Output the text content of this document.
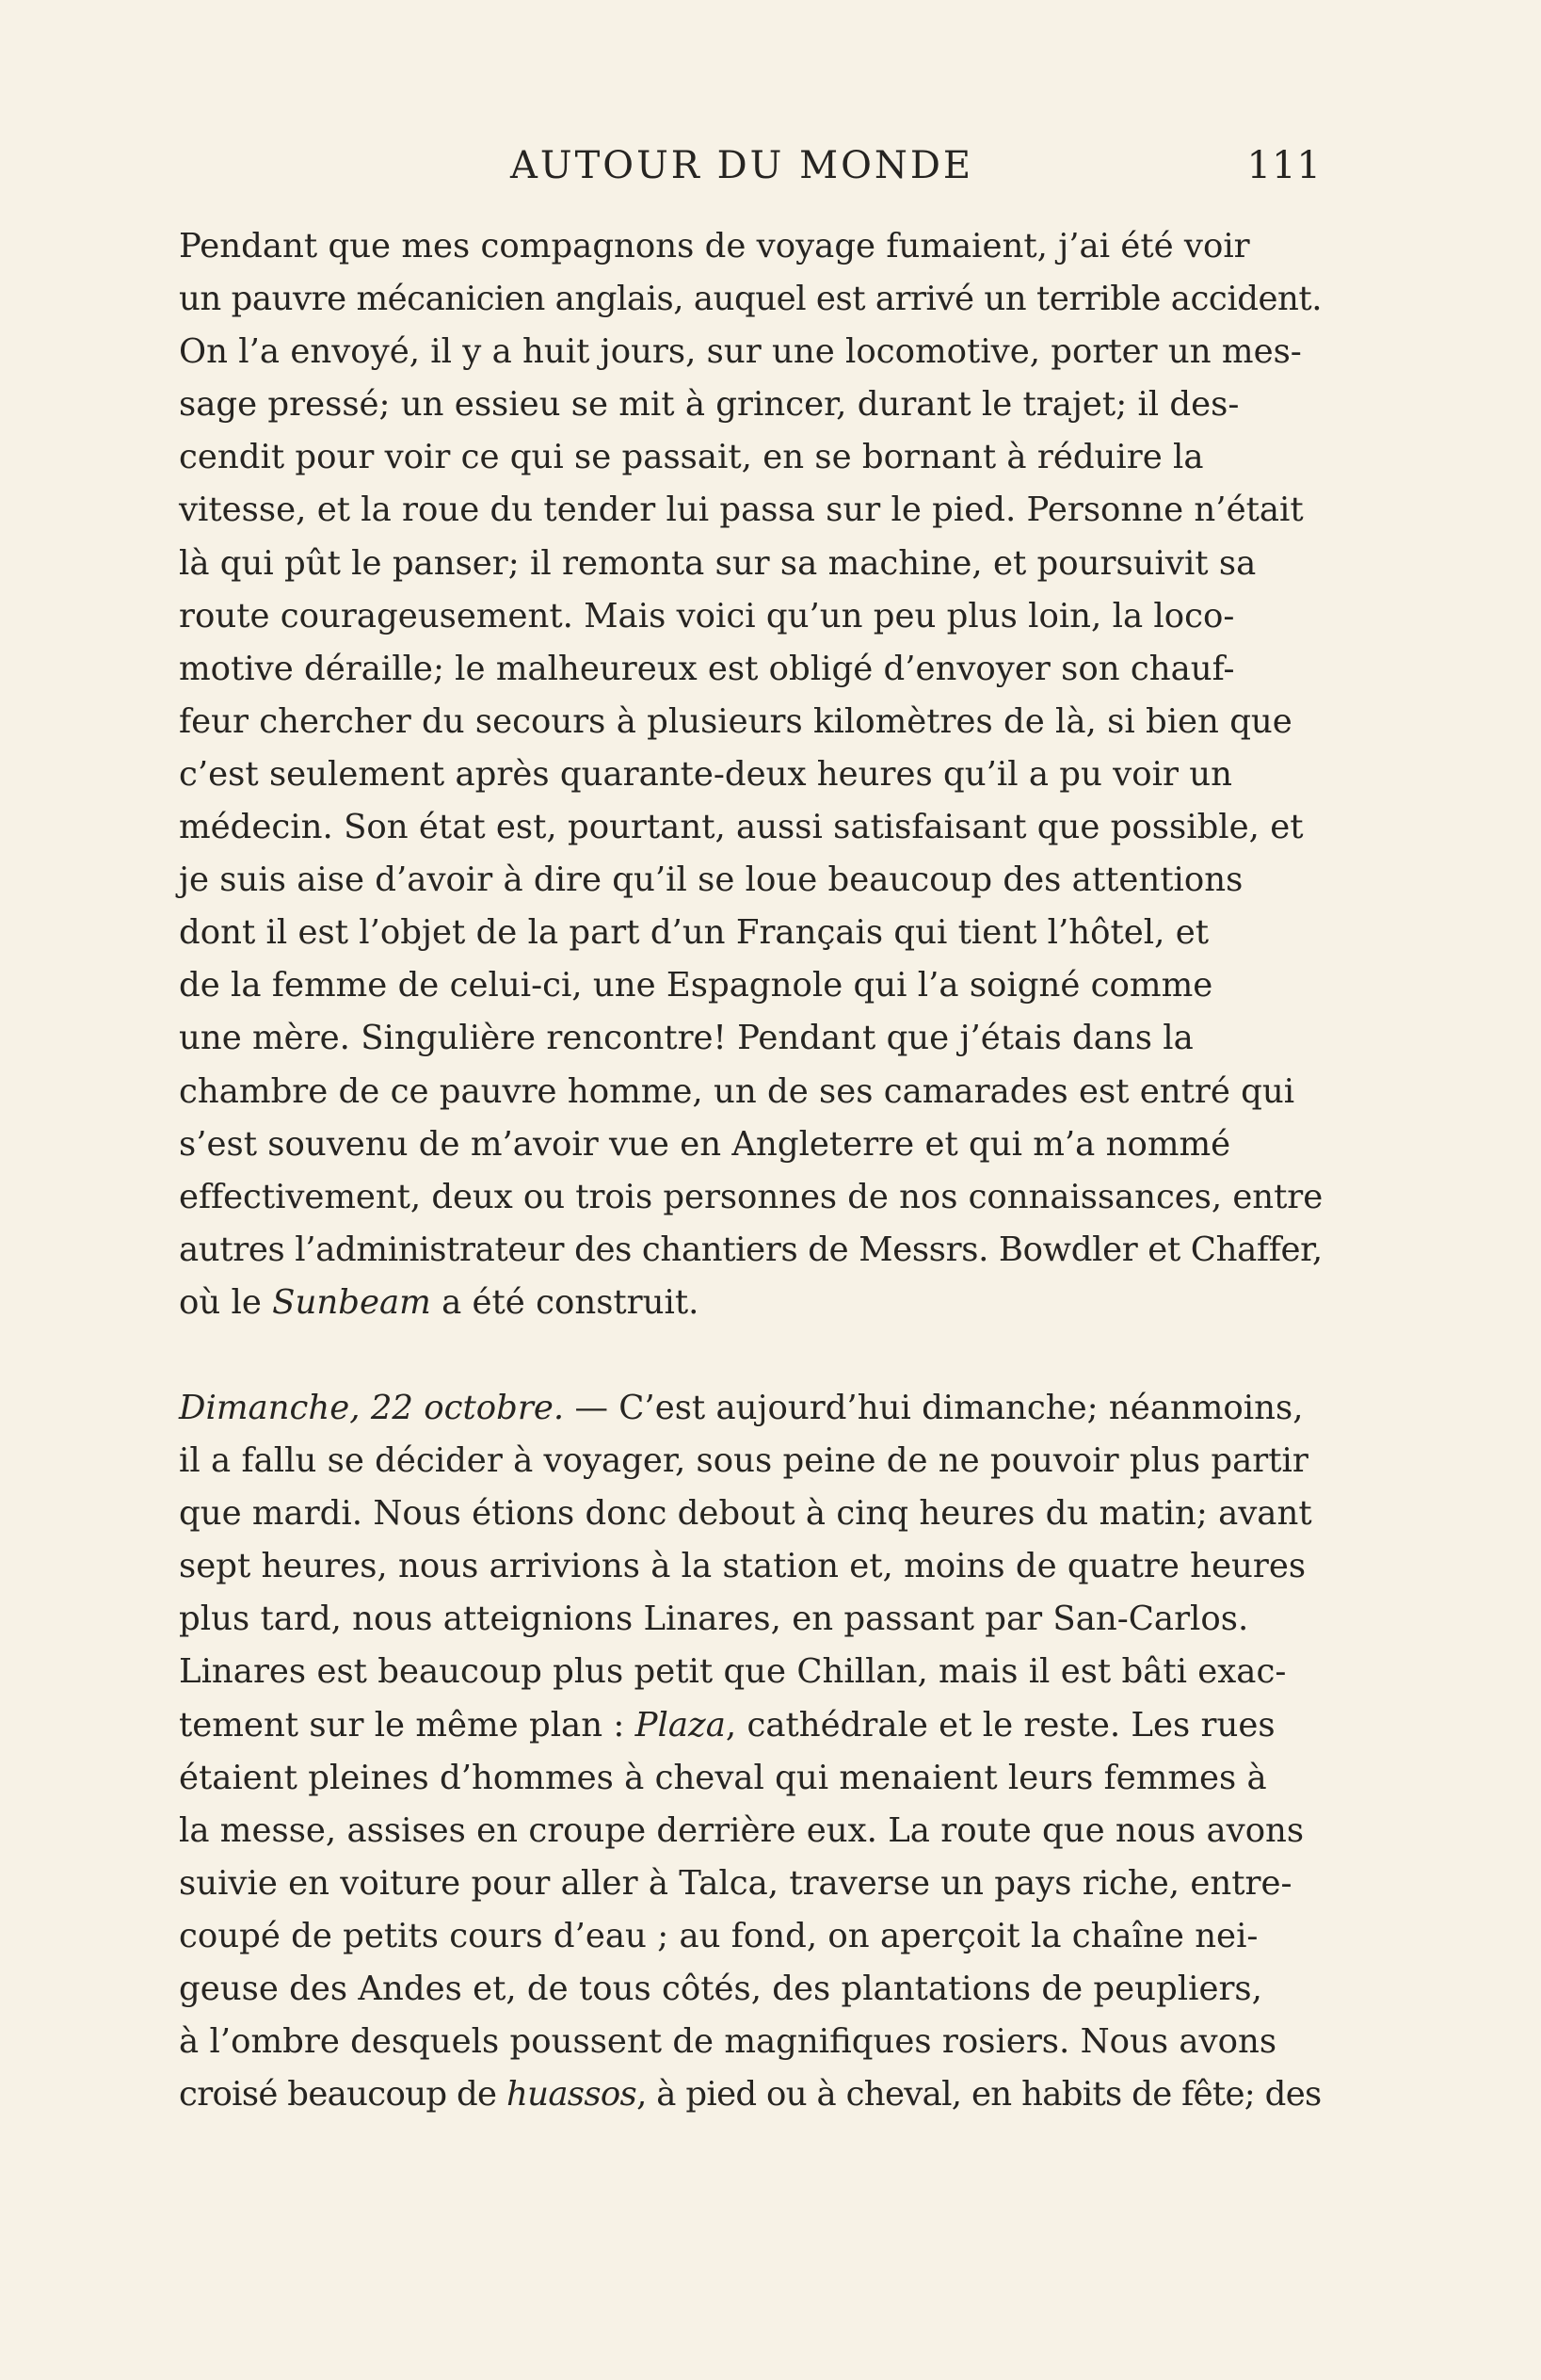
AUTOUR DU MONDE	111
Pendant que mes compagnons de voyage fumaient, j’ai été voir
un pauvre mécanicien anglais, auquel est arrivé un terrible accident.
On l’a envoyé, il y a huit jours, sur une locomotive, porter un mes-
sage pressé; un essieu se mit à grincer, durant le trajet; il des-
cendit pour voir ce qui se passait, en se bornant à réduire la
vitesse, et la roue du tender lui passa sur le pied. Personne n’était
là qui pût le panser; il remonta sur sa machine, et poursuivit sa
route courageusement. Mais voici qu’un peu plus loin, la loco-
motive déraille; le malheureux est obligé d’envoyer son chauf-
feur chercher du secours à plusieurs kilomètres de là, si bien que
c’est seulement après quarante-deux heures qu’il a pu voir un
médecin. Son état est, pourtant, aussi satisfaisant que possible, et
je suis aise d’avoir à dire qu’il se loue beaucoup des attentions
dont il est l’objet de la part d’un Français qui tient l’hôtel, et
de la femme de celui-ci, une Espagnole qui l’a soigné comme
une mère. Singulière rencontre! Pendant que j’étais dans la
chambre de ce pauvre homme, un de ses camarades est entré qui
s’est souvenu de m’avoir vue en Angleterre et qui m’a nommé
effectivement, deux ou trois personnes de nos connaissances, entre
autres l’administrateur des chantiers de Messrs. Bowdler et Chaffer,
où le Sunbeam a été construit.
Dimanche, 22 octobre. — C’est aujourd’hui dimanche; néanmoins,
il a fallu se décider à voyager, sous peine de ne pouvoir plus partir
que mardi. Nous étions donc debout à cinq heures du matin; avant
sept heures, nous arrivions à la station et, moins de quatre heures
plus tard, nous atteignions Linares, en passant par San-Carlos.
Linares est beaucoup plus petit que Chillan, mais il est bâti exac-
tement sur le même plan : Plaza, cathédrale et le reste. Les rues
étaient pleines d’hommes à cheval qui menaient leurs femmes à
la messe, assises en croupe derrière eux. La route que nous avons
suivie en voiture pour aller à Talca, traverse un pays riche, entre-
coupé de petits cours d’eau ; au fond, on aperçoit la chaîne nei-
geuse des Andes et, de tous côtés, des plantations de peupliers,
à l’ombre desquels poussent de magnifiques rosiers. Nous avons
croisé beaucoup de huassos, à pied ou à cheval, en habits de fête; des
